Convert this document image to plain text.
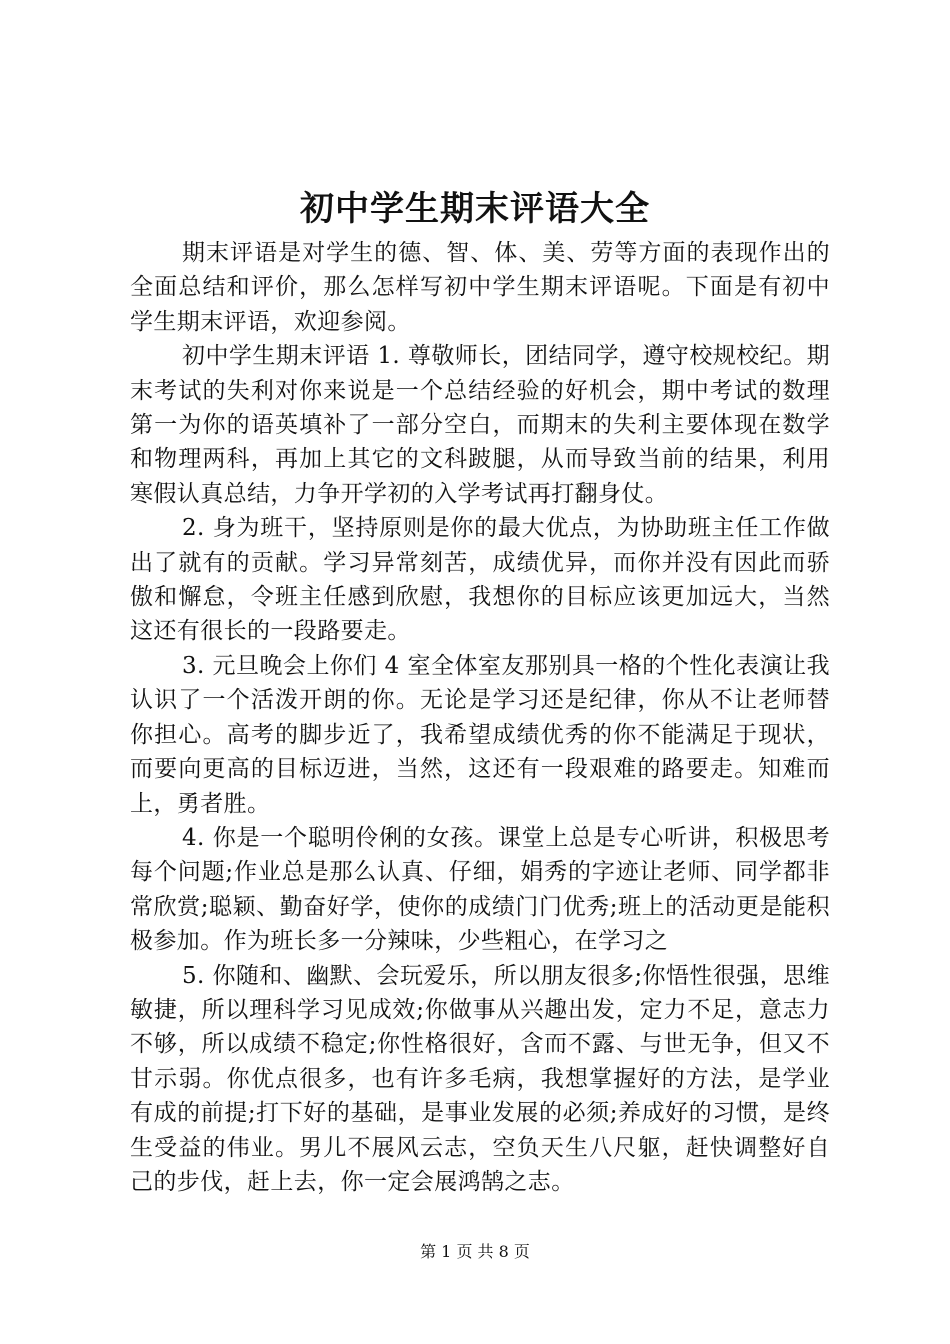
初中学生期末评语大全

期末评语是对学生的德、智、体、美、劳等方面的表现作出的全面总结和评价，那么怎样写初中学生期末评语呢。下面是有初中学生期末评语，欢迎参阅。

初中学生期末评语 1. 尊敬师长，团结同学，遵守校规校纪。期末考试的失利对你来说是一个总结经验的好机会，期中考试的数理第一为你的语英填补了一部分空白，而期末的失利主要体现在数学和物理两科，再加上其它的文科跛腿，从而导致当前的结果，利用寒假认真总结，力争开学初的入学考试再打翻身仗。

2. 身为班干，坚持原则是你的最大优点，为协助班主任工作做出了就有的贡献。学习异常刻苦，成绩优异，而你并没有因此而骄傲和懈怠，令班主任感到欣慰，我想你的目标应该更加远大，当然这还有很长的一段路要走。

3. 元旦晚会上你们 4 室全体室友那别具一格的个性化表演让我认识了一个活泼开朗的你。无论是学习还是纪律，你从不让老师替你担心。高考的脚步近了，我希望成绩优秀的你不能满足于现状，而要向更高的目标迈进，当然，这还有一段艰难的路要走。知难而上，勇者胜。

4. 你是一个聪明伶俐的女孩。课堂上总是专心听讲，积极思考每个问题;作业总是那么认真、仔细，娟秀的字迹让老师、同学都非常欣赏;聪颖、勤奋好学，使你的成绩门门优秀;班上的活动更是能积极参加。作为班长多一分辣味，少些粗心，在学习之

5. 你随和、幽默、会玩爱乐，所以朋友很多;你悟性很强，思维敏捷，所以理科学习见成效;你做事从兴趣出发，定力不足，意志力不够，所以成绩不稳定;你性格很好，含而不露、与世无争，但又不甘示弱。你优点很多，也有许多毛病，我想掌握好的方法，是学业有成的前提;打下好的基础，是事业发展的必须;养成好的习惯，是终生受益的伟业。男儿不展风云志，空负天生八尺躯，赶快调整好自己的步伐，赶上去，你一定会展鸿鹄之志。

第 1 页 共 8 页
